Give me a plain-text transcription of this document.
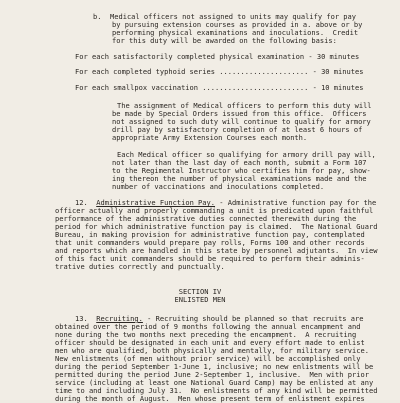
b.  Medical officers not assigned to units may qualify for pay
by pursuing extension courses as provided in a. above or by
performing physical examinations and inoculations.  Credit
for this duty will be awarded on the following basis:
For each satisfactorily completed physical examination - 30 minutes
For each completed typhoid series ..................... - 30 minutes
For each smallpox vaccination ......................... - 10 minutes
The assignment of Medical officers to perform this duty will
be made by Special Orders issued from this office.  Officers
not assigned to such duty will continue to qualify for armory
drill pay by satisfactory completion of at least 6 hours of
appropriate Army Extension Courses each month.
Each Medical officer so qualifying for armory drill pay will,
not later than the last day of each month, submit a Form 107
to the Regimental Instructor who certifies him for pay, show-
ing thereon the number of physical examinations made and the
number of vaccinations and inoculations completed.
12. Administrative Function Pay. - Administrative function pay for the
officer actually and properly commanding a unit is predicated upon faithful
performance of the administrative duties connected therewith during the
period for which administrative function pay is claimed.  The National Guard
Bureau, in making provision for administrative function pay, contemplated
that unit commanders would prepare pay rolls, Forms 100 and other records
and reports which are handled in this state by personnel adjutants.  In view
of this fact unit commanders should be required to perform their adminis-
trative duties correctly and punctually.
SECTION IV
ENLISTED MEN
13. Recruiting. - Recruiting should be planned so that recruits are
obtained over the period of 9 months following the annual encampment and
none during the two months next preceding the encampment.  A recruiting
officer should be designated in each unit and every effort made to enlist
men who are qualified, both physically and mentally, for military service.
New enlistments (of men without prior service) will be accomplished only
during the period September 1-June 1, inclusive; no new enlistments will be
permitted during the period June 2-September 1, inclusive.  Men with prior
service (including at least one National Guard Camp) may be enlisted at any
time to and including July 31.  No enlistments of any kind will be permitted
during the month of August.  Men whose present term of enlistment expires
